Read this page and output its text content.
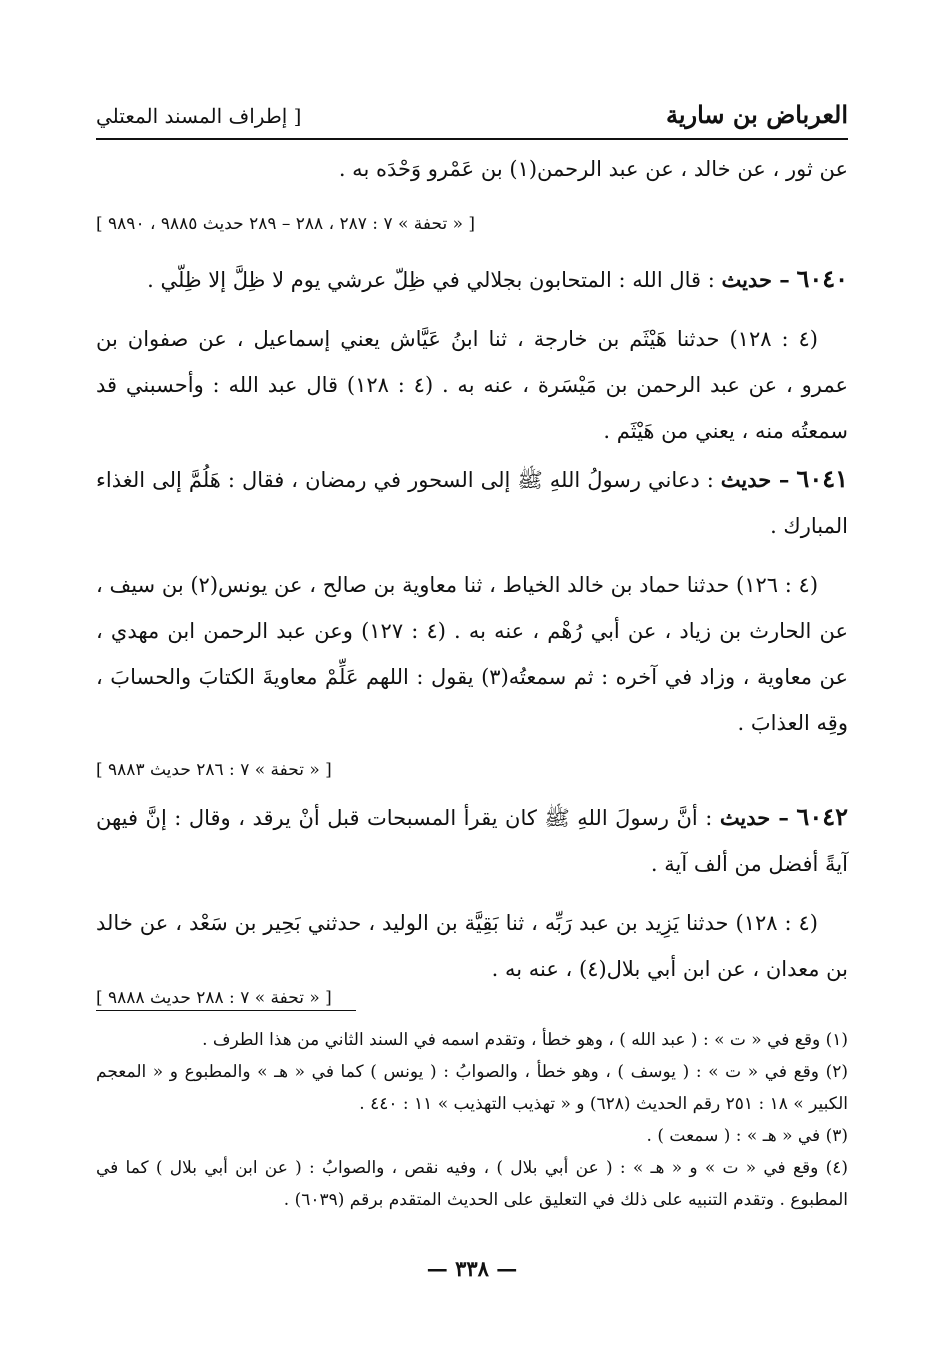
العرباض بن سارية
[ إطراف المسند المعتلي
عن ثور ، عن خالد ، عن عبد الرحمن(١) بن عَمْرو وَحْدَه به .
[ « تحفة » ٧ : ٢٨٧ ، ٢٨٨ – ٢٨٩ حديث ٩٨٨٥ ، ٩٨٩٠ ]
٦٠٤٠ – حديث : قال الله : المتحابون بجلالي في ظِلّ عرشي يوم لا ظِلَّ إلا ظِلّي .
(٤ : ١٢٨) حدثنا هَيْثَم بن خارجة ، ثنا ابنُ عَيَّاش يعني إسماعيل ، عن صفوان بن عمرو ، عن عبد الرحمن بن مَيْسَرة ، عنه به . (٤ : ١٢٨) قال عبد الله : وأحسبني قد سمعتُه منه ، يعني من هَيْثَم .
٦٠٤١ – حديث : دعاني رسولُ اللهِ ﷺ إلى السحور في رمضان ، فقال : هَلُمَّ إلى الغذاء المبارك .
(٤ : ١٢٦) حدثنا حماد بن خالد الخياط ، ثنا معاوية بن صالح ، عن يونس(٢) بن سيف ، عن الحارث بن زياد ، عن أبي رُهْم ، عنه به . (٤ : ١٢٧) وعن عبد الرحمن ابن مهدي ، عن معاوية ، وزاد في آخره : ثم سمعتُه(٣) يقول : اللهم عَلِّمْ معاويةَ الكتابَ والحسابَ ، وقِه العذابَ .
[ « تحفة » ٧ : ٢٨٦ حديث ٩٨٨٣ ]
٦٠٤٢ – حديث : أنَّ رسولَ اللهِ ﷺ كان يقرأ المسبحات قبل أنْ يرقد ، وقال : إنَّ فيهن آيةً أفضل من ألف آية .
(٤ : ١٢٨) حدثنا يَزِيد بن عبد رَبِّه ، ثنا بَقِيَّة بن الوليد ، حدثني بَحِير بن سَعْد ، عن خالد بن معدان ، عن ابن أبي بلال(٤) ، عنه به .
[ « تحفة » ٧ : ٢٨٨ حديث ٩٨٨٨ ]

(١) وقع في « ت » : ( عبد الله ) ، وهو خطأ ، وتقدم اسمه في السند الثاني من هذا الطرف .

(٢) وقع في « ت » : ( يوسف ) ، وهو خطأ ، والصوابُ : ( يونس ) كما في « هـ » والمطبوع و « المعجم الكبير » ١٨ : ٢٥١ رقم الحديث (٦٢٨) و « تهذيب التهذيب » ١١ : ٤٤٠ .

(٣) في « هـ » : ( سمعت ) .

(٤) وقع في « ت » و « هـ » : ( عن أبي بلال ) ، وفيه نقص ، والصوابُ : ( عن ابن أبي بلال ) كما في المطبوع . وتقدم التنبيه على ذلك في التعليق على الحديث المتقدم برقم (٦٠٣٩) .

— ٣٣٨ —
